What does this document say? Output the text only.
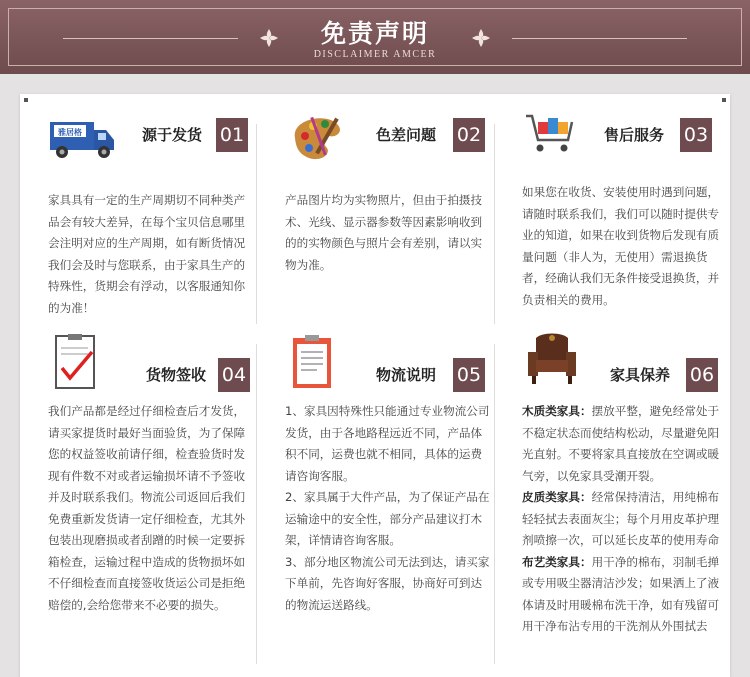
免责声明
DISCLAIMER AMCER
雅居格	源于发货 01

家具具有一定的生产周期切不同种类产品会有较大差异，在每个宝贝信息哪里会注明对应的生产周期，如有断货情况我们会及时与您联系，由于家具生产的特殊性，货期会有浮动，以客服通知你的为准！

色差问题 02

产品图片均为实物照片，但由于拍摄技术、光线、显示器参数等因素影响收到的的实物颜色与照片会有差别，请以实物为准。

售后服务 03

如果您在收货、安装使用时遇到问题，请随时联系我们，我们可以随时提供专业的知道，如果在收到货物后发现有质量问题（非人为，无使用）需退换货者，经确认我们无条件接受退换货，并负责相关的费用。

货物签收 04

我们产品都是经过仔细检查后才发货，请买家提货时最好当面验货，为了保障您的权益签收前请仔细，检查验货时发现有件数不对或者运输损坏请不予签收并及时联系我们。物流公司返回后我们免费重新发货请一定仔细检查，尤其外包装出现磨损或者刮蹭的时候一定要拆箱检查，运输过程中造成的货物损坏如不仔细检查而直接签收货运公司是拒绝赔偿的,会给您带来不必要的损失。

物流说明 05

1、家具因特殊性只能通过专业物流公司发货，由于各地路程远近不同，产品体积不同，运费也就不相同，具体的运费请咨询客服。

2、家具属于大件产品，为了保证产品在运输途中的安全性，部分产品建议打木架，详情请咨询客服。

3、部分地区物流公司无法到达，请买家下单前，先咨询好客服，协商好可到达的物流运送路线。

家具保养 06

木质类家具：摆放平整，避免经常处于不稳定状态而使结构松动，尽量避免阳光直射。不要将家具直接放在空调或暖气旁，以免家具受潮开裂。

皮质类家具：经常保持清洁，用纯棉布轻轻拭去表面灰尘；每个月用皮革护理剂喷擦一次，可以延长皮革的使用寿命

布艺类家具：用干净的棉布，羽制毛掸或专用吸尘器清洁沙发；如果洒上了液体请及时用暖棉布洗干净，如有残留可用干净布沾专用的干洗剂从外围拭去
